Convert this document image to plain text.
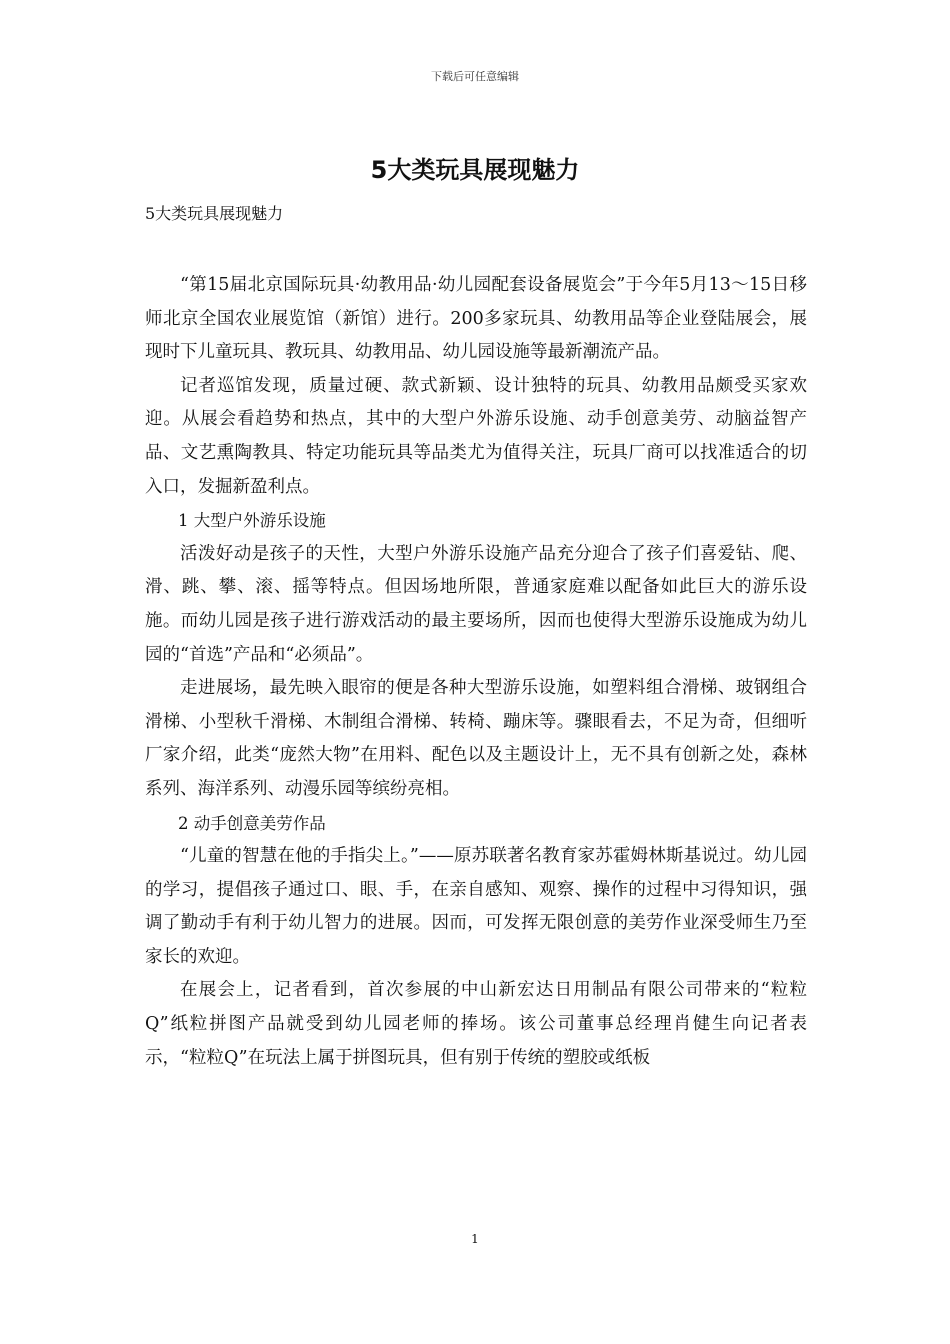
下载后可任意编辑
5大类玩具展现魅力
5大类玩具展现魅力

“第15届北京国际玩具·幼教用品·幼儿园配套设备展览会”于今年5月13～15日移师北京全国农业展览馆（新馆）进行。200多家玩具、幼教用品等企业登陆展会，展现时下儿童玩具、教玩具、幼教用品、幼儿园设施等最新潮流产品。

记者巡馆发现，质量过硬、款式新颖、设计独特的玩具、幼教用品颇受买家欢迎。从展会看趋势和热点，其中的大型户外游乐设施、动手创意美劳、动脑益智产品、文艺熏陶教具、特定功能玩具等品类尤为值得关注，玩具厂商可以找准适合的切入口，发掘新盈利点。

1 大型户外游乐设施

活泼好动是孩子的天性，大型户外游乐设施产品充分迎合了孩子们喜爱钻、爬、滑、跳、攀、滚、摇等特点。但因场地所限，普通家庭难以配备如此巨大的游乐设施。而幼儿园是孩子进行游戏活动的最主要场所，因而也使得大型游乐设施成为幼儿园的“首选”产品和“必须品”。

走进展场，最先映入眼帘的便是各种大型游乐设施，如塑料组合滑梯、玻钢组合滑梯、小型秋千滑梯、木制组合滑梯、转椅、蹦床等。骤眼看去，不足为奇，但细听厂家介绍，此类“庞然大物”在用料、配色以及主题设计上，无不具有创新之处，森林系列、海洋系列、动漫乐园等缤纷亮相。

2 动手创意美劳作品

“儿童的智慧在他的手指尖上。”——原苏联著名教育家苏霍姆林斯基说过。幼儿园的学习，提倡孩子通过口、眼、手，在亲自感知、观察、操作的过程中习得知识，强调了勤动手有利于幼儿智力的进展。因而，可发挥无限创意的美劳作业深受师生乃至家长的欢迎。

在展会上，记者看到，首次参展的中山新宏达日用制品有限公司带来的“粒粒Q”纸粒拼图产品就受到幼儿园老师的捧场。该公司董事总经理肖健生向记者表示，“粒粒Q”在玩法上属于拼图玩具，但有别于传统的塑胶或纸板

1
